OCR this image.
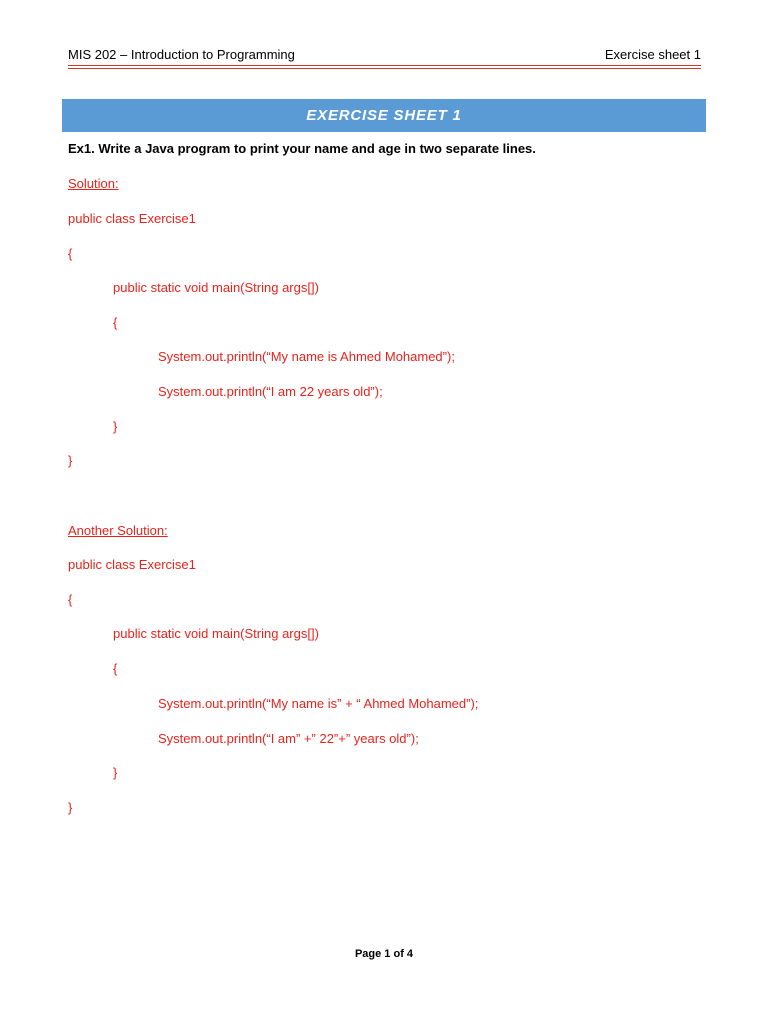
MIS 202 – Introduction to Programming	Exercise sheet 1
EXERCISE SHEET 1
Ex1. Write a Java program to print your name and age in two separate lines.
Solution:
public class Exercise1
{
public static void main(String args[])
{
System.out.println(“My name is Ahmed Mohamed”);
System.out.println(“I am 22 years old”);
}
}
Another Solution:
public class Exercise1
{
public static void main(String args[])
{
System.out.println(“My name is” + “ Ahmed Mohamed”);
System.out.println(“I am” +” 22”+” years old”);
}
}
Page 1 of 4
